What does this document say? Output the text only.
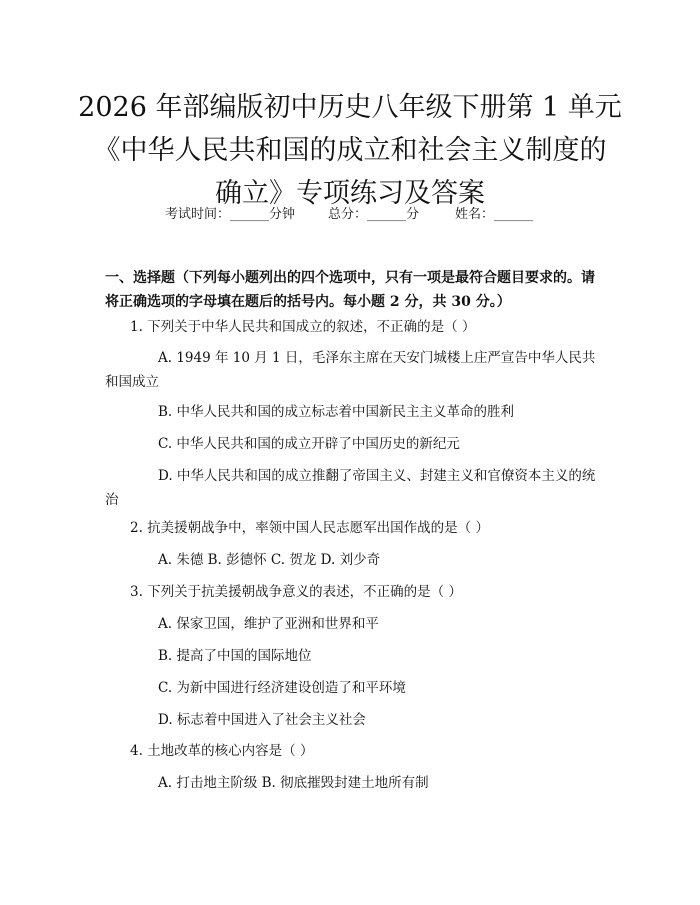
2026 年部编版初中历史八年级下册第 1 单元
《中华人民共和国的成立和社会主义制度的
确立》专项练习及答案
考试时间：______分钟	总分：______分	姓名：______

一、选择题（下列每小题列出的四个选项中，只有一项是最符合题目要求的。请将正确选项的字母填在题后的括号内。每小题 2 分，共 30 分。）

1. 下列关于中华人民共和国成立的叙述，不正确的是（ ）
A. 1949 年 10 月 1 日，毛泽东主席在天安门城楼上庄严宣告中华人民共和国成立
B. 中华人民共和国的成立标志着中国新民主主义革命的胜利
C. 中华人民共和国的成立开辟了中国历史的新纪元
D. 中华人民共和国的成立推翻了帝国主义、封建主义和官僚资本主义的统治
2. 抗美援朝战争中，率领中国人民志愿军出国作战的是（ ）
A. 朱德 B. 彭德怀 C. 贺龙 D. 刘少奇
3. 下列关于抗美援朝战争意义的表述，不正确的是（ ）
A. 保家卫国，维护了亚洲和世界和平
B. 提高了中国的国际地位
C. 为新中国进行经济建设创造了和平环境
D. 标志着中国进入了社会主义社会
4. 土地改革的核心内容是（ ）
A. 打击地主阶级 B. 彻底摧毁封建土地所有制
